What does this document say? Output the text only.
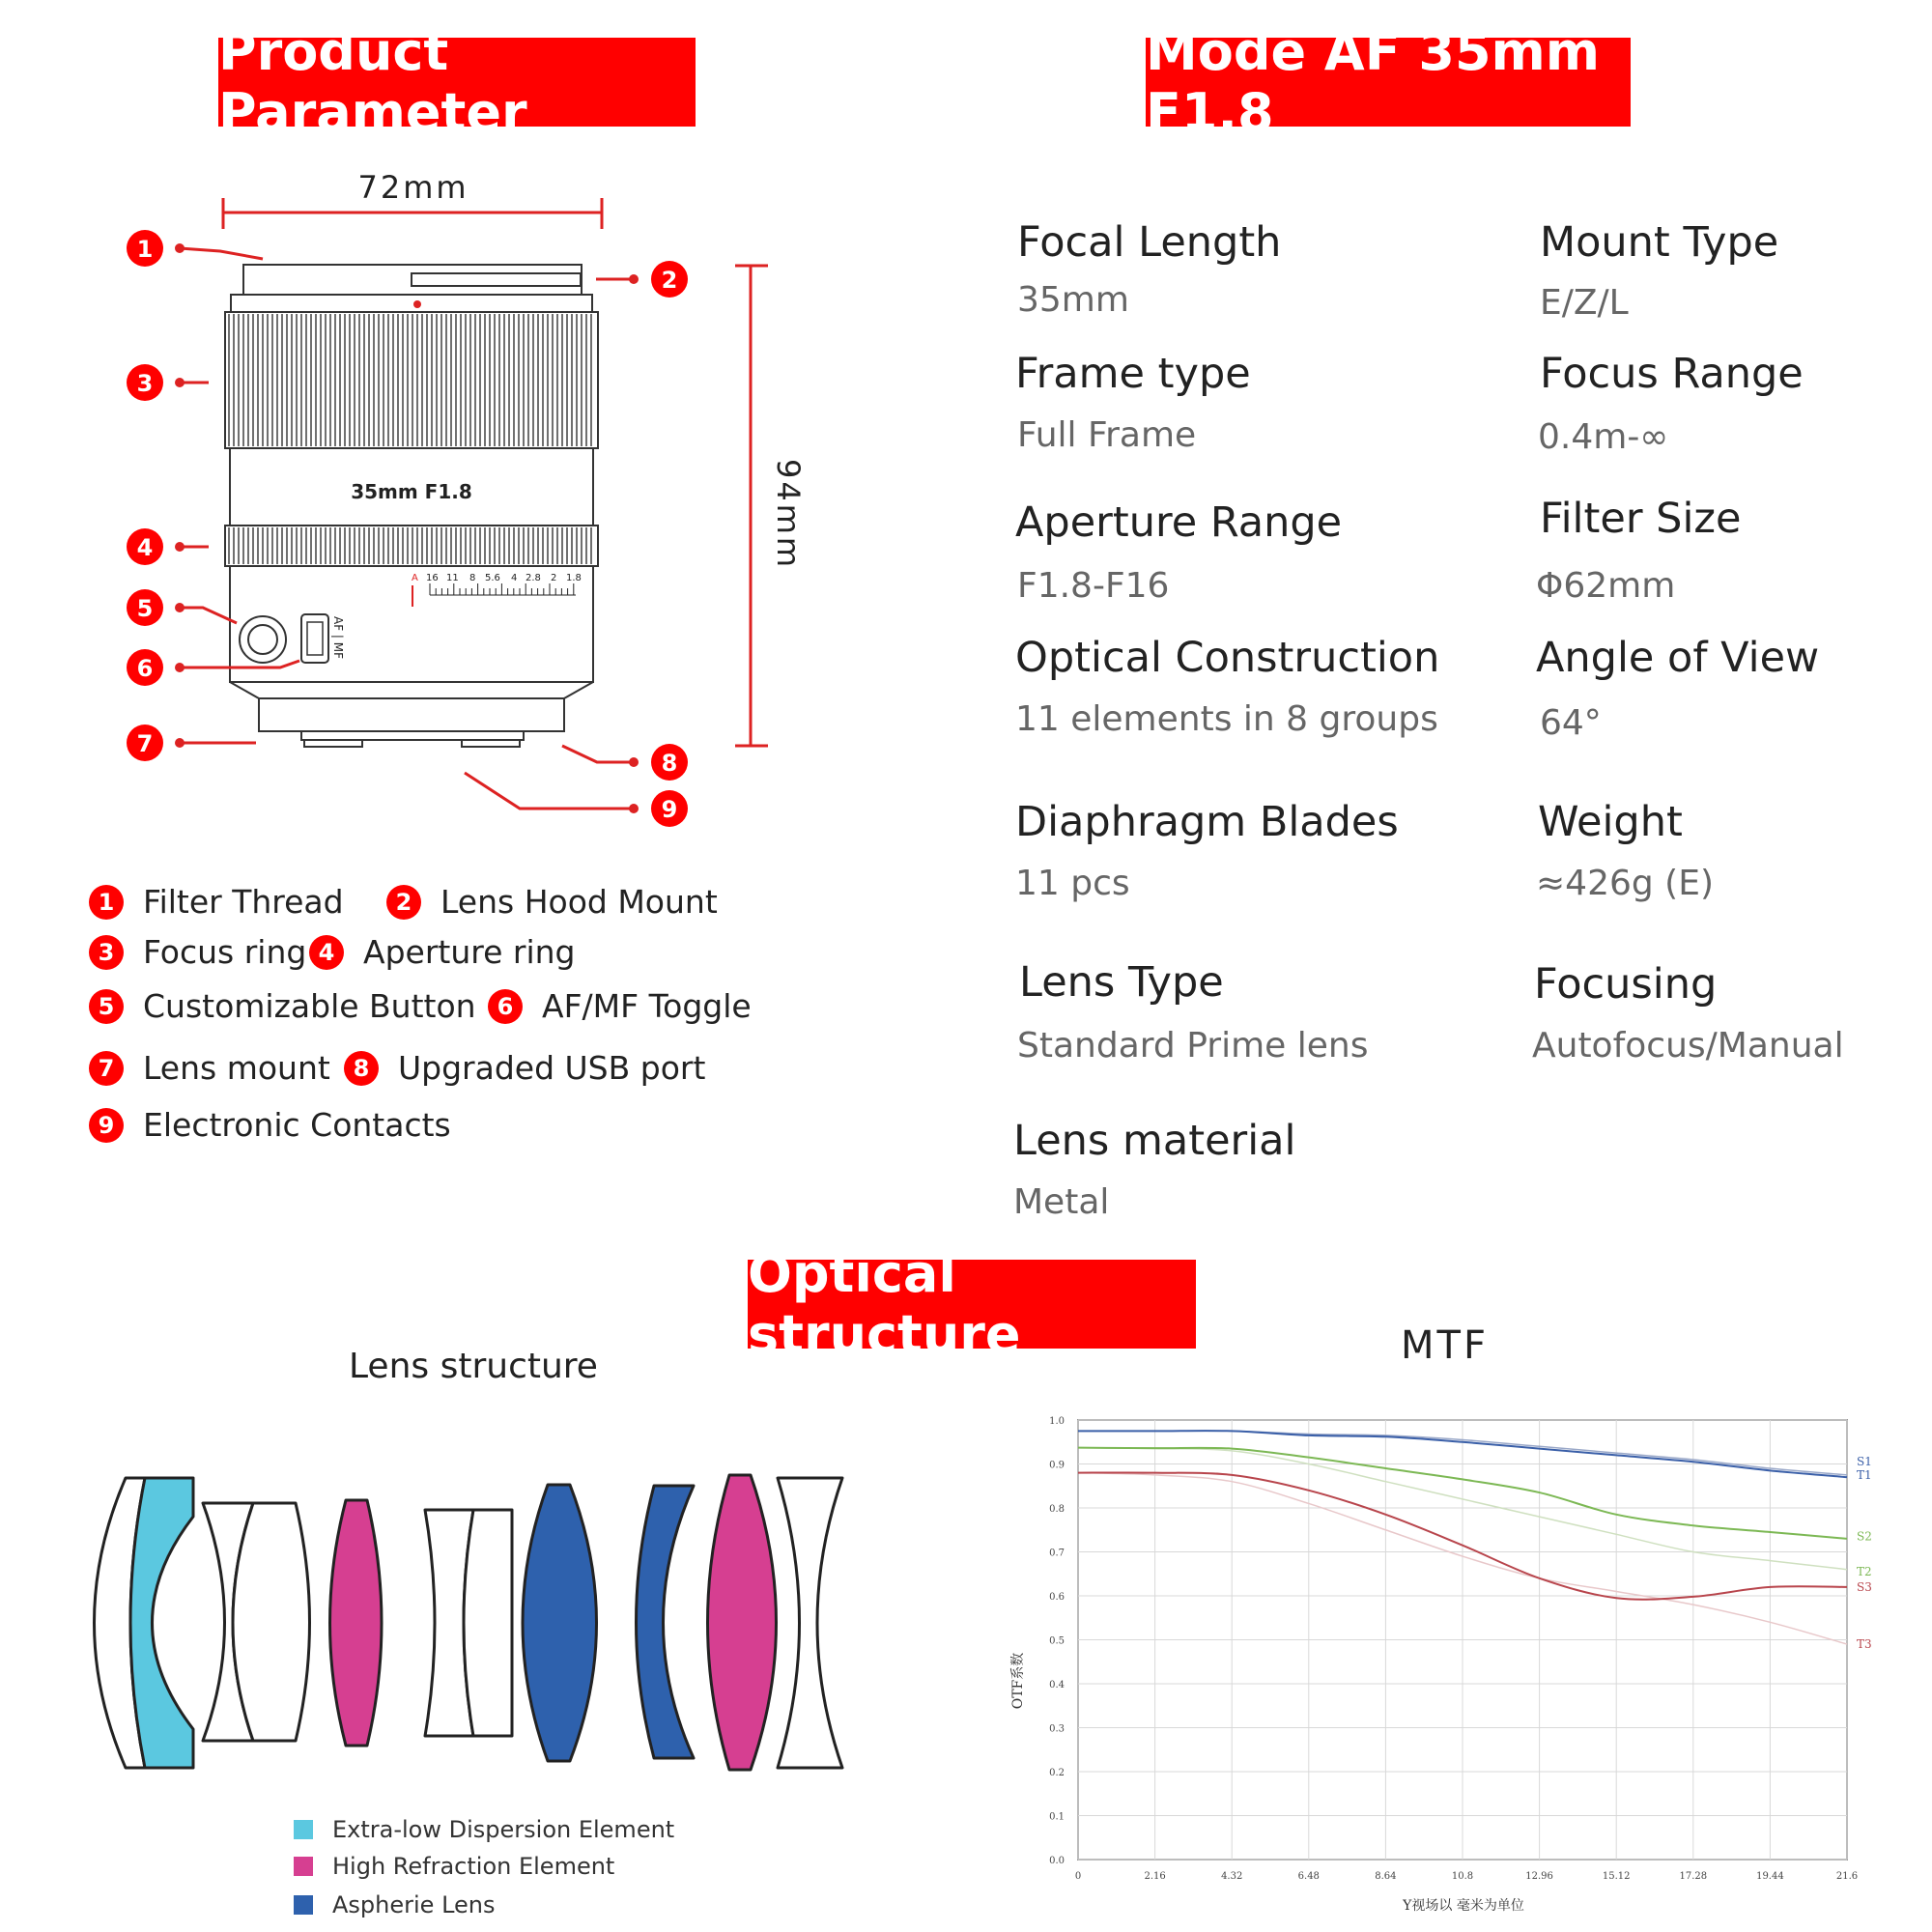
Product Parameter
Mode AF 35mm F1.8
Optical structure
72mm
94mm
35mm F1.8
A 16 11 8 5.6 4 2.8 2 1.8
AF | MF
1
2
3
4
5
6
7
8
9
1 Filter Thread	2 Lens Hood Mount
3 Focus ring 4 Aperture ring
5 Customizable Button 6 AF/MF Toggle
7 Lens mount 8 Upgraded USB port
9 Electronic Contacts
Focal Length
35mm
Mount Type
E/Z/L
Frame type
Full Frame
Focus Range
0.4m-∞
Aperture Range
F1.8-F16
Filter Size
Φ62mm
Optical Construction
11 elements in 8 groups
Angle of View
64°
Diaphragm Blades
11 pcs
Weight
≈426g (E)
Lens Type
Standard Prime lens
Focusing
Autofocus/Manual
Lens material
Metal
Lens structure
Extra-low Dispersion Element
High Refraction Element
Aspherie Lens
MTF
0.0
0.1
0.2
0.3
0.4
0.5
0.6
0.7
0.8
0.9
1.0
0	2.16	4.32	6.48	8.64	10.8	12.96	15.12	17.28	19.44	21.6
S1
T1
S2
T2
S3
T3
OTF系数
Y视场以 毫米为单位
